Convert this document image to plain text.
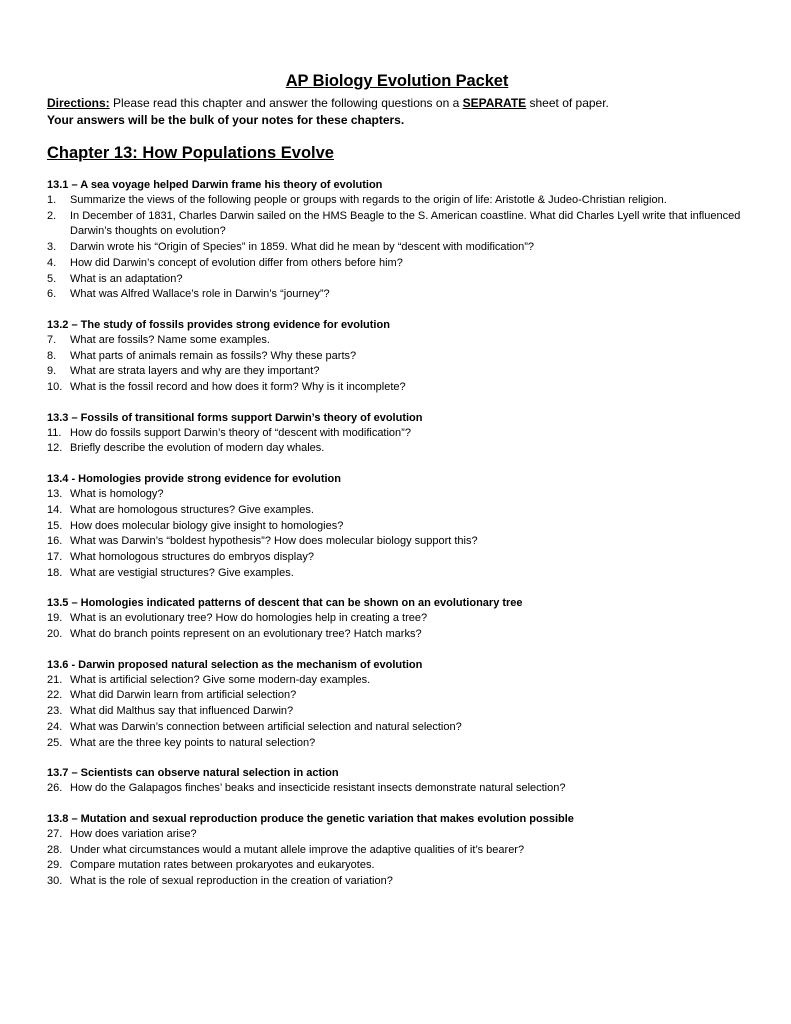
AP Biology Evolution Packet
Directions: Please read this chapter and answer the following questions on a SEPARATE sheet of paper.
Your answers will be the bulk of your notes for these chapters.
Chapter 13: How Populations Evolve
13.1 – A sea voyage helped Darwin frame his theory of evolution
1. Summarize the views of the following people or groups with regards to the origin of life: Aristotle & Judeo-Christian religion.
2. In December of 1831, Charles Darwin sailed on the HMS Beagle to the S. American coastline. What did Charles Lyell write that influenced Darwin’s thoughts on evolution?
3. Darwin wrote his “Origin of Species” in 1859. What did he mean by “descent with modification”?
4. How did Darwin’s concept of evolution differ from others before him?
5. What is an adaptation?
6. What was Alfred Wallace’s role in Darwin’s “journey”?
13.2 – The study of fossils provides strong evidence for evolution
7. What are fossils? Name some examples.
8. What parts of animals remain as fossils? Why these parts?
9. What are strata layers and why are they important?
10. What is the fossil record and how does it form? Why is it incomplete?
13.3 – Fossils of transitional forms support Darwin’s theory of evolution
11. How do fossils support Darwin’s theory of “descent with modification”?
12. Briefly describe the evolution of modern day whales.
13.4 - Homologies provide strong evidence for evolution
13. What is homology?
14. What are homologous structures? Give examples.
15. How does molecular biology give insight to homologies?
16. What was Darwin’s “boldest hypothesis”? How does molecular biology support this?
17. What homologous structures do embryos display?
18. What are vestigial structures? Give examples.
13.5 – Homologies indicated patterns of descent that can be shown on an evolutionary tree
19. What is an evolutionary tree? How do homologies help in creating a tree?
20. What do branch points represent on an evolutionary tree? Hatch marks?
13.6 - Darwin proposed natural selection as the mechanism of evolution
21. What is artificial selection? Give some modern-day examples.
22. What did Darwin learn from artificial selection?
23. What did Malthus say that influenced Darwin?
24. What was Darwin’s connection between artificial selection and natural selection?
25. What are the three key points to natural selection?
13.7 – Scientists can observe natural selection in action
26. How do the Galapagos finches’ beaks and insecticide resistant insects demonstrate natural selection?
13.8 – Mutation and sexual reproduction produce the genetic variation that makes evolution possible
27. How does variation arise?
28. Under what circumstances would a mutant allele improve the adaptive qualities of it’s bearer?
29. Compare mutation rates between prokaryotes and eukaryotes.
30. What is the role of sexual reproduction in the creation of variation?
